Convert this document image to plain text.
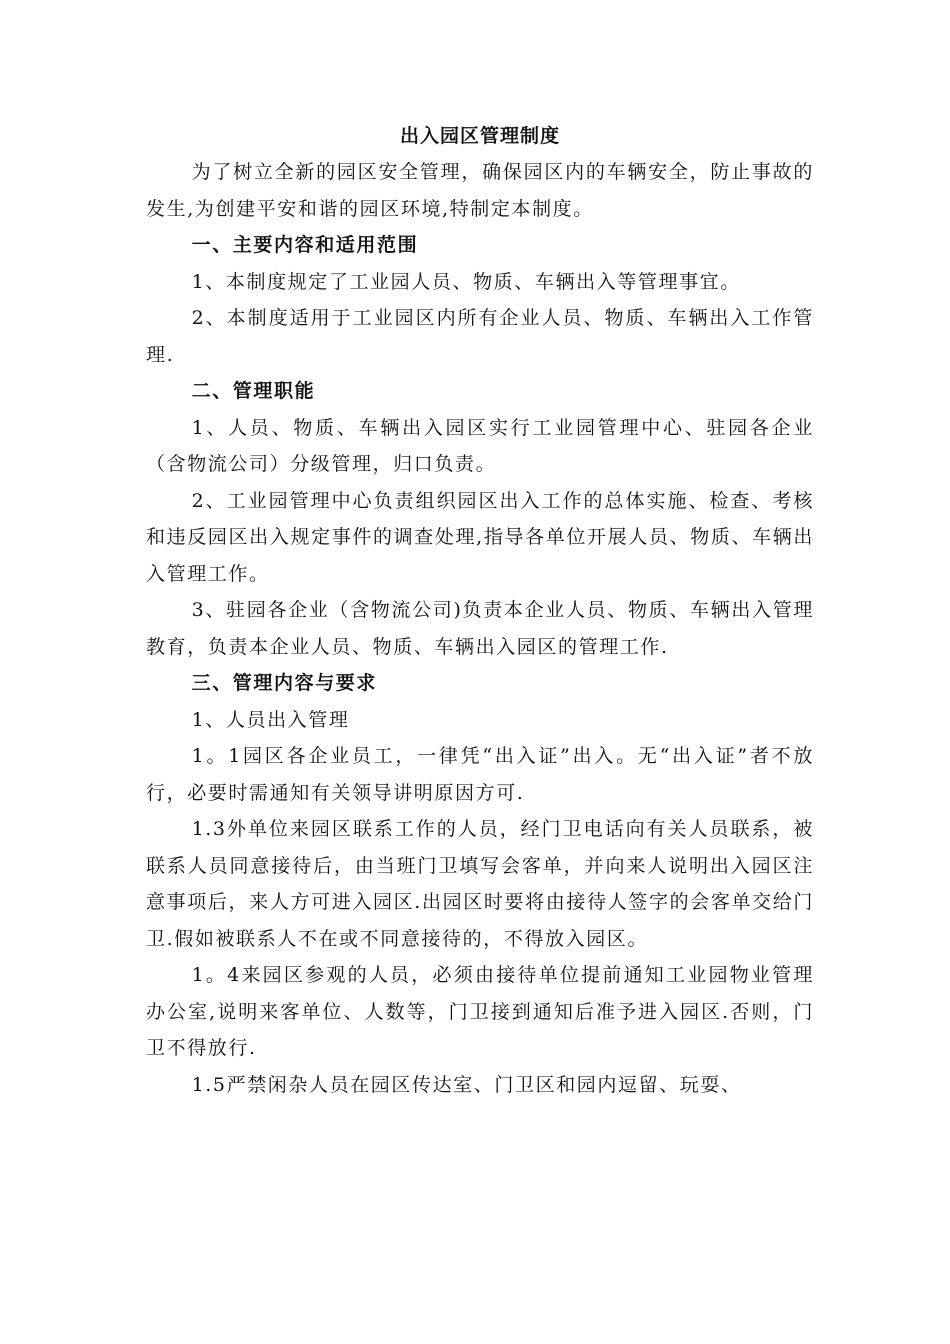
出入园区管理制度

为了树立全新的园区安全管理，确保园区内的车辆安全，防止事故的发生,为创建平安和谐的园区环境,特制定本制度。

一、主要内容和适用范围

1、本制度规定了工业园人员、物质、车辆出入等管理事宜。

2、本制度适用于工业园区内所有企业人员、物质、车辆出入工作管理.

二、管理职能

1、人员、物质、车辆出入园区实行工业园管理中心、驻园各企业（含物流公司）分级管理，归口负责。

2、工业园管理中心负责组织园区出入工作的总体实施、检查、考核和违反园区出入规定事件的调查处理,指导各单位开展人员、物质、车辆出入管理工作。

3、驻园各企业（含物流公司)负责本企业人员、物质、车辆出入管理教育，负责本企业人员、物质、车辆出入园区的管理工作.

三、管理内容与要求

1、人员出入管理

1。1园区各企业员工，一律凭“出入证”出入。无“出入证”者不放行，必要时需通知有关领导讲明原因方可.

1.3外单位来园区联系工作的人员，经门卫电话向有关人员联系，被联系人员同意接待后，由当班门卫填写会客单，并向来人说明出入园区注意事项后，来人方可进入园区.出园区时要将由接待人签字的会客单交给门卫.假如被联系人不在或不同意接待的，不得放入园区。

1。4来园区参观的人员，必须由接待单位提前通知工业园物业管理办公室,说明来客单位、人数等，门卫接到通知后准予进入园区.否则，门卫不得放行.

1.5严禁闲杂人员在园区传达室、门卫区和园内逗留、玩耍、
